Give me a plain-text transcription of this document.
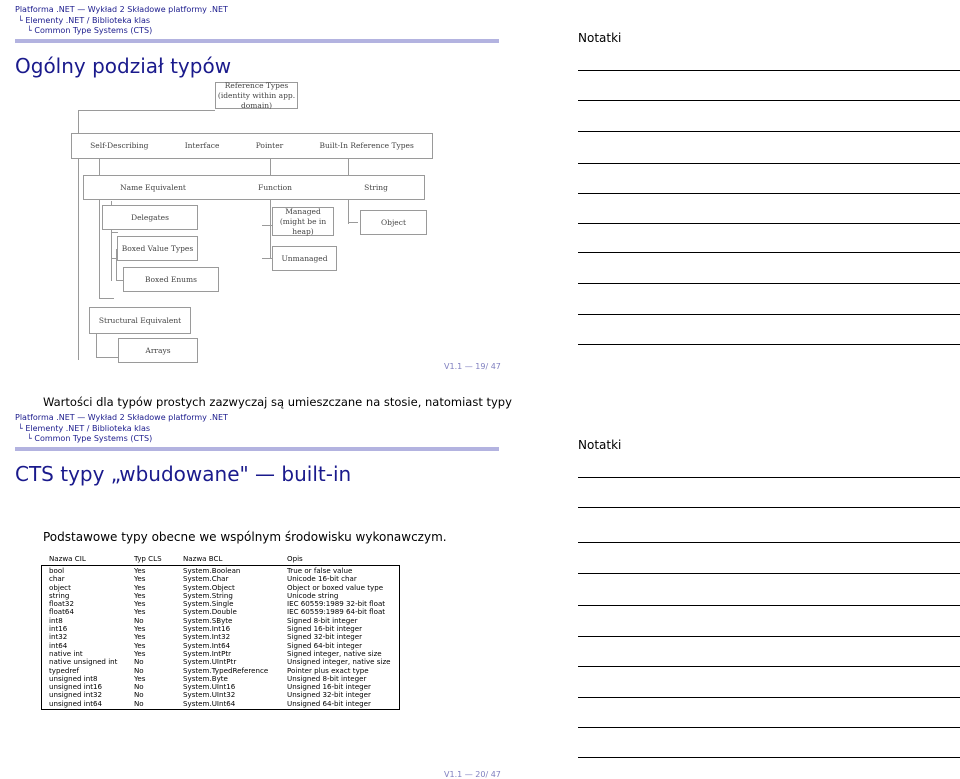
Platforma .NET — Wykład 2 Składowe platformy .NET
└ Elementy .NET / Biblioteka klas
└ Common Type Systems (CTS)
Ogólny podział typów
Reference Types
(identity within app. domain)
Self-Describing	Interface	Pointer	Built-In Reference Types
Name Equivalent	Function	String
Delegates
Managed
(might be in heap)
Object
Boxed Value Types
Unmanaged
Boxed Enums
Structural Equivalent
Arrays
V1.1 — 19/ 47
Wartości dla typów prostych zazwyczaj są umieszczane na stosie, natomiast typy
Platforma .NET — Wykład 2 Składowe platformy .NET
└ Elementy .NET / Biblioteka klas
└ Common Type Systems (CTS)
CTS typy „wbudowane" — built-in
Podstawowe typy obecne we wspólnym środowisku wykonawczym.
Nazwa CIL	Typ CLS	Nazwa BCL	Opis

bool	Yes	System.Boolean	True or false value
char	Yes	System.Char	Unicode 16-bit char
object	Yes	System.Object	Object or boxed value type
string	Yes	System.String	Unicode string
float32	Yes	System.Single	IEC 60559:1989 32-bit float
float64	Yes	System.Double	IEC 60559:1989 64-bit float
int8	No	System.SByte	Signed 8-bit integer
int16	Yes	System.Int16	Signed 16-bit integer
int32	Yes	System.Int32	Signed 32-bit integer
int64	Yes	System.Int64	Signed 64-bit integer
native int	Yes	System.IntPtr	Signed integer, native size
native unsigned int	No	System.UIntPtr	Unsigned integer, native size
typedref	No	System.TypedReference	Pointer plus exact type
unsigned int8	Yes	System.Byte	Unsigned 8-bit integer
unsigned int16	No	System.UInt16	Unsigned 16-bit integer
unsigned int32	No	System.UInt32	Unsigned 32-bit integer
unsigned int64	No	System.UInt64	Unsigned 64-bit integer
V1.1 — 20/ 47
Notatki
Notatki
